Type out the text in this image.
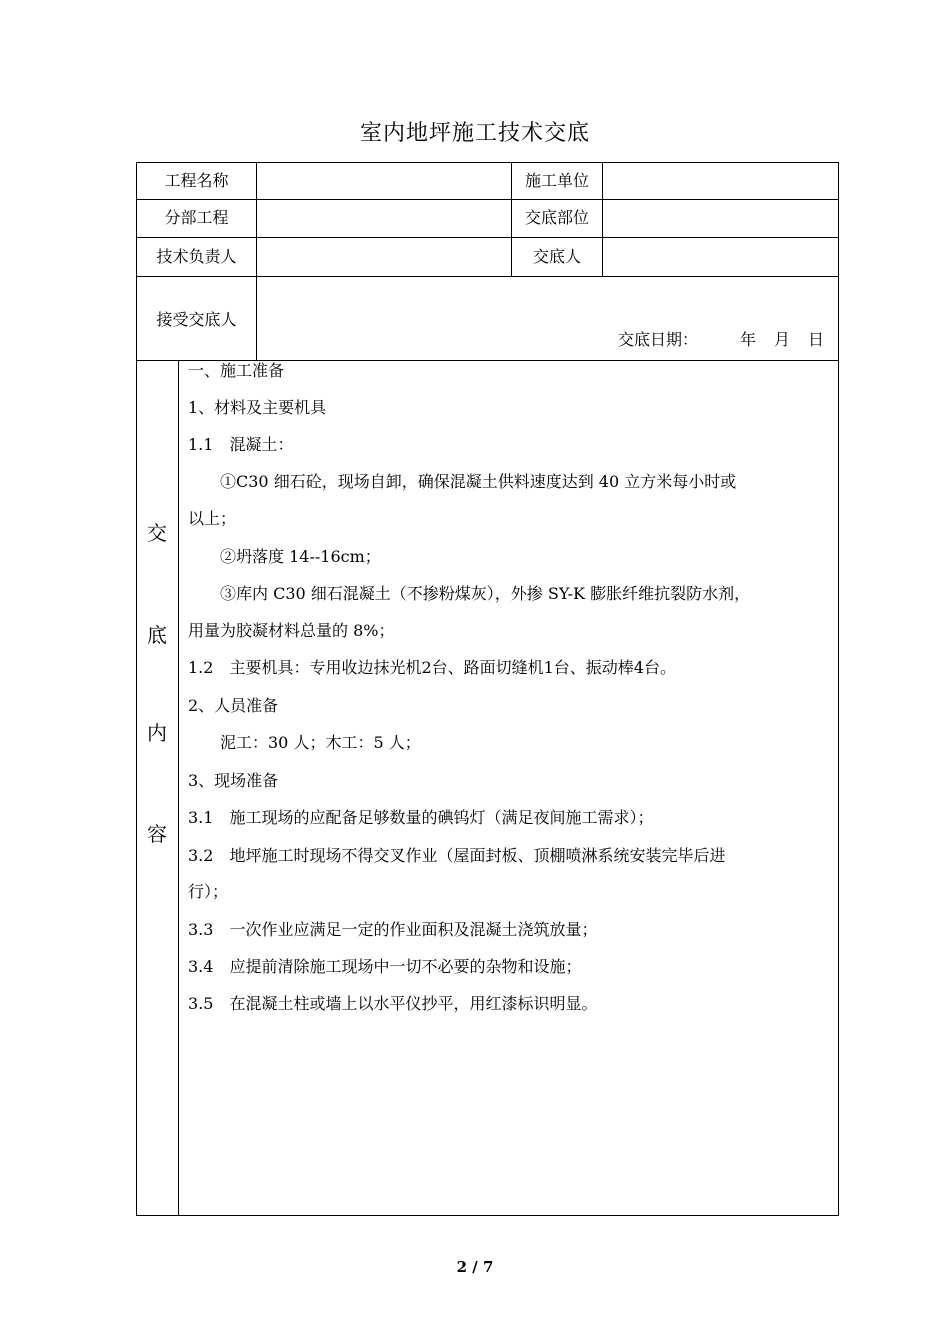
室内地坪施工技术交底
工程名称	施工单位
分部工程	交底部位
技术负责人	交底人
接受交底人
交底日期：	年 月 日
交
底
内
容
一、施工准备
1、材料及主要机具
1.1　混凝土：
　　①C30 细石砼，现场自卸，确保混凝土供料速度达到 40 立方米每小时或
以上；
　　②坍落度 14--16cm；
　　③库内 C30 细石混凝土（不掺粉煤灰），外掺 SY-K 膨胀纤维抗裂防水剂，
用量为胶凝材料总量的 8%；
1.2　主要机具：专用收边抹光机2台、路面切缝机1台、振动棒4台。
2、人员准备
　　泥工：30 人；木工：5 人；
3、现场准备
3.1　施工现场的应配备足够数量的碘钨灯（满足夜间施工需求）；
3.2　地坪施工时现场不得交叉作业（屋面封板、顶棚喷淋系统安装完毕后进
行）；
3.3　一次作业应满足一定的作业面积及混凝土浇筑放量；
3.4　应提前清除施工现场中一切不必要的杂物和设施；
3.5　在混凝土柱或墙上以水平仪抄平，用红漆标识明显。
2 / 7
